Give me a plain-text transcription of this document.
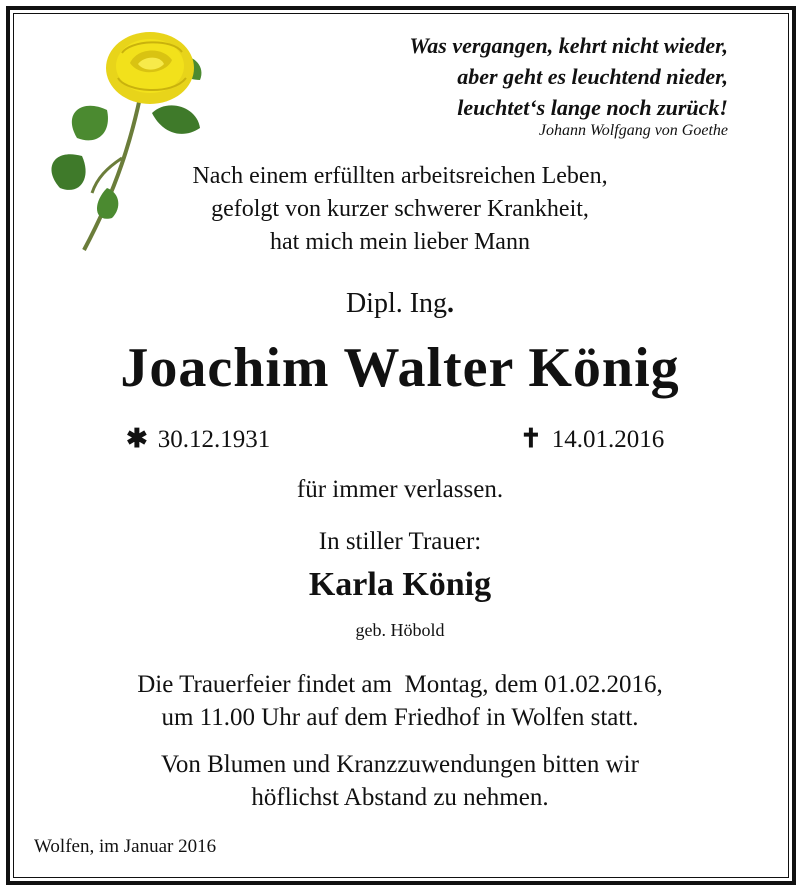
Was vergangen, kehrt nicht wieder,
aber geht es leuchtend nieder,
leuchtet‘s lange noch zurück!
Johann Wolfgang von Goethe
Nach einem erfüllten arbeitsreichen Leben,
gefolgt von kurzer schwerer Krankheit,
hat mich mein lieber Mann
Dipl. Ing.
Joachim Walter König
✱ 30.12.1931	✝ 14.01.2016
für immer verlassen.
In stiller Trauer:
Karla König
geb. Höbold
Die Trauerfeier findet am  Montag, dem 01.02.2016,
um 11.00 Uhr auf dem Friedhof in Wolfen statt.
Von Blumen und Kranzzuwendungen bitten wir
höflichst Abstand zu nehmen.
Wolfen, im Januar 2016
